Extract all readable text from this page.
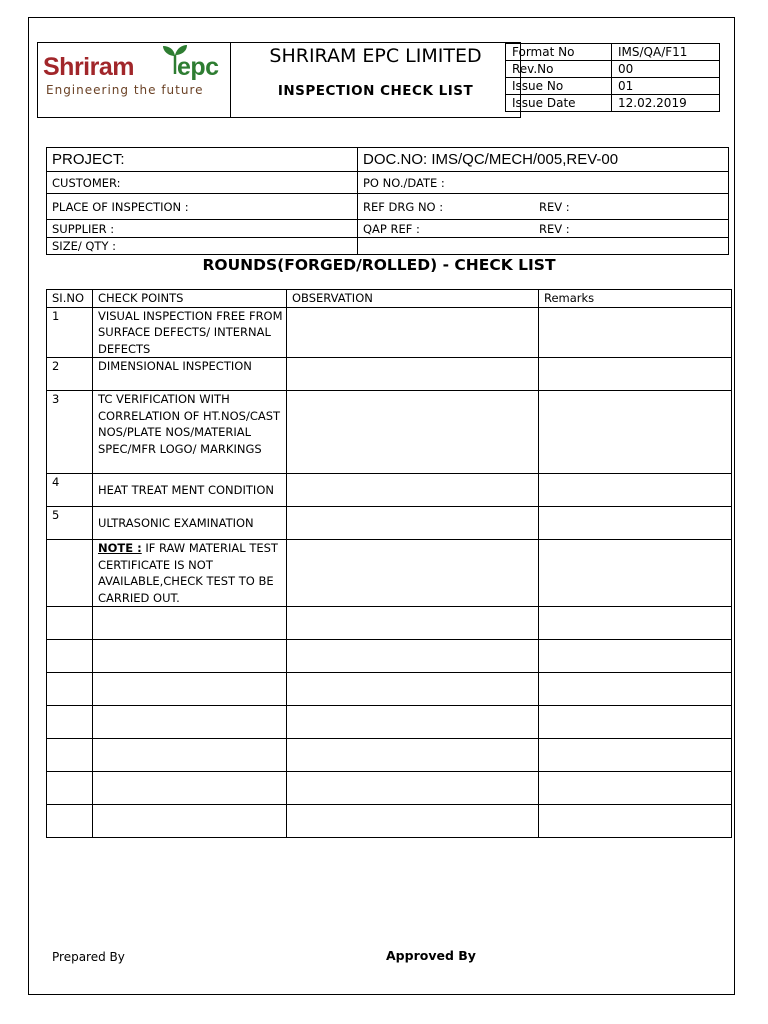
Shriram epc
Engineering the future
SHRIRAM EPC LIMITED
INSPECTION CHECK LIST
Format No	IMS/QA/F11
Rev.No	00
Issue No	01
Issue Date	12.02.2019
PROJECT:	DOC.NO: IMS/QC/MECH/005,REV-00
CUSTOMER:	PO NO./DATE :
PLACE OF INSPECTION :	REF DRG NO : REV :

SUPPLIER :	QAP REF : REV :

SIZE/ QTY :	
ROUNDS(FORGED/ROLLED) - CHECK LIST
SI.NO	CHECK POINTS	OBSERVATION	Remarks
1	VISUAL INSPECTION FREE FROM SURFACE DEFECTS/ INTERNAL DEFECTS		
2	DIMENSIONAL INSPECTION		
3	TC VERIFICATION WITH CORRELATION OF HT.NOS/CAST NOS/PLATE NOS/MATERIAL SPEC/MFR LOGO/ MARKINGS		
4	HEAT TREAT MENT CONDITION		
5	ULTRASONIC EXAMINATION		
	NOTE : IF RAW MATERIAL TEST CERTIFICATE IS NOT AVAILABLE,CHECK TEST TO BE CARRIED OUT.		

Prepared By	Approved By
